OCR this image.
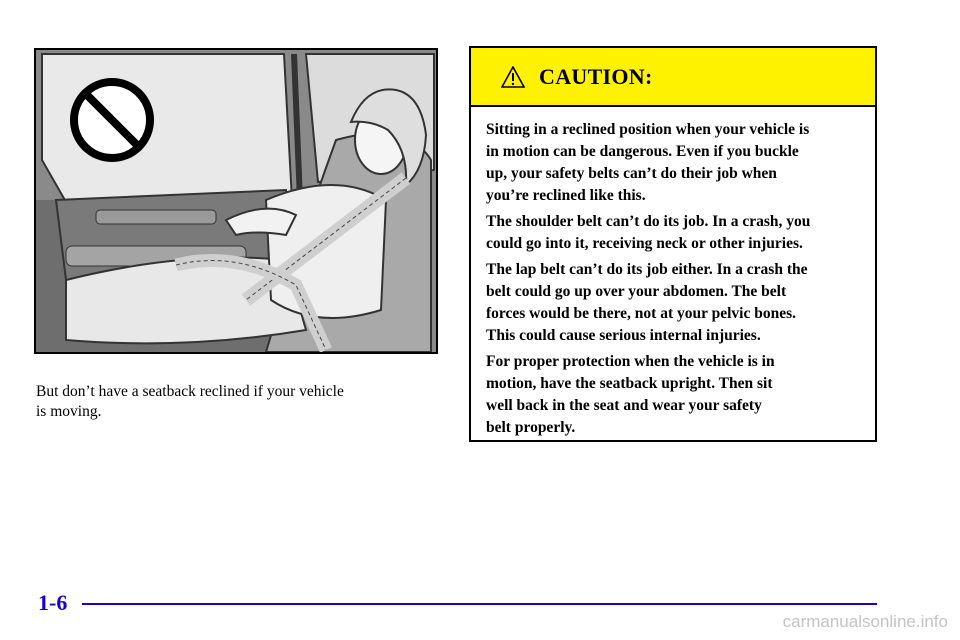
But don’t have a seatback reclined if your vehicle
is moving.
CAUTION:

Sitting in a reclined position when your vehicle is
in motion can be dangerous. Even if you buckle
up, your safety belts can’t do their job when
you’re reclined like this.

The shoulder belt can’t do its job. In a crash, you
could go into it, receiving neck or other injuries.

The lap belt can’t do its job either. In a crash the
belt could go up over your abdomen. The belt
forces would be there, not at your pelvic bones.
This could cause serious internal injuries.

For proper protection when the vehicle is in
motion, have the seatback upright. Then sit
well back in the seat and wear your safety
belt properly.

1-6
carmanualsonline.info
